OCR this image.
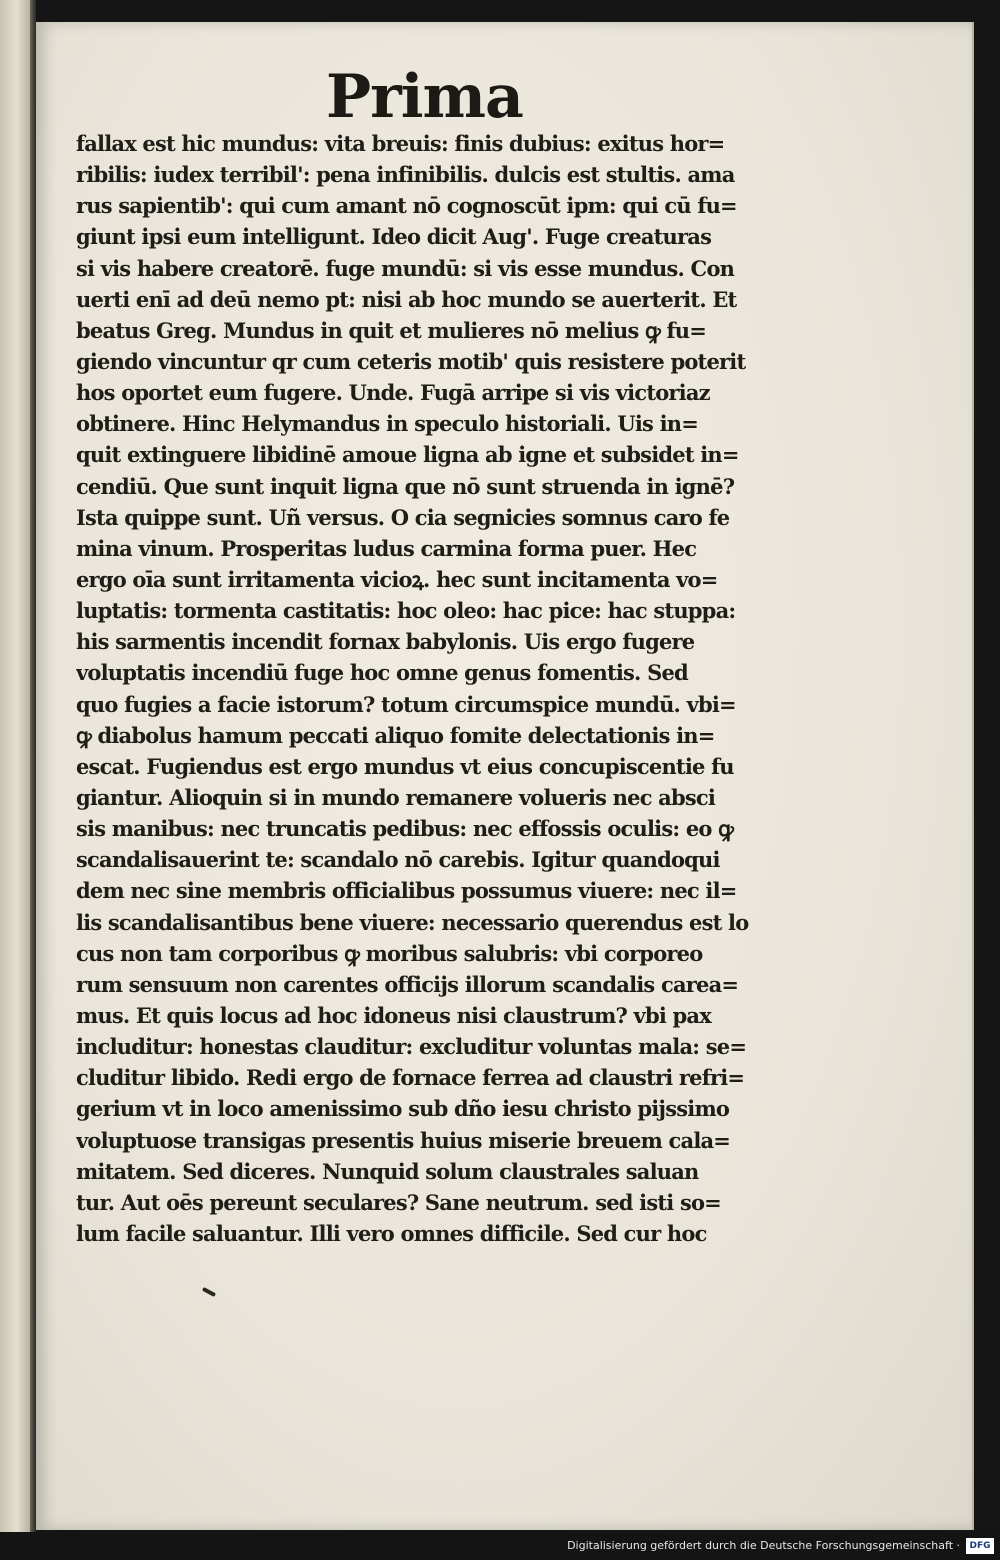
Prima
fallax est hic mundus: vita breuis: finis dubius: exitus hor=
ribilis: iudex terribil': pena infinibilis. dulcis est stultis. ama
rus sapientib': qui cum amant nō cognoscūt ipm: qui cū fu=
giunt ipsi eum intelligunt. Ideo dicit Aug'. Fuge creaturas
si vis habere creatorē. fuge mundū: si vis esse mundus. Con
uerti enī ad deū nemo pt: nisi ab hoc mundo se auerterit. Et
beatus Greg. Mundus in quit et mulieres nō melius ꝙ fu=
giendo vincuntur qr cum ceteris motib' quis resistere poterit
hos oportet eum fugere. Unde. Fugā arripe si vis victoriaz
obtinere. Hinc Helymandus in speculo historiali. Uis in=
quit extinguere libidinē amoue ligna ab igne et subsidet in=
cendiū. Que sunt inquit ligna que nō sunt struenda in ignē?
Ista quippe sunt. Uñ versus. O cia segnicies somnus caro fe
mina vinum. Prosperitas ludus carmina forma puer. Hec
ergo oīa sunt irritamenta vicioꝝ. hec sunt incitamenta vo=
luptatis: tormenta castitatis: hoc oleo: hac pice: hac stuppa:
his sarmentis incendit fornax babylonis. Uis ergo fugere
voluptatis incendiū fuge hoc omne genus fomentis. Sed
quo fugies a facie istorum? totum circumspice mundū. vbi=
ꝙ diabolus hamum peccati aliquo fomite delectationis in=
escat. Fugiendus est ergo mundus vt eius concupiscentie fu
giantur. Alioquin si in mundo remanere volueris nec absci
sis manibus: nec truncatis pedibus: nec effossis oculis: eo ꝙ
scandalisauerint te: scandalo nō carebis. Igitur quandoqui
dem nec sine membris officialibus possumus viuere: nec il=
lis scandalisantibus bene viuere: necessario querendus est lo
cus non tam corporibus ꝙ moribus salubris: vbi corporeo
rum sensuum non carentes officijs illorum scandalis carea=
mus. Et quis locus ad hoc idoneus nisi claustrum? vbi pax
includitur: honestas clauditur: excluditur voluntas mala: se=
cluditur libido. Redi ergo de fornace ferrea ad claustri refri=
gerium vt in loco amenissimo sub dño iesu christo pijssimo
voluptuose transigas presentis huius miserie breuem cala=
mitatem. Sed diceres. Nunquid solum claustrales saluan
tur. Aut oēs pereunt seculares? Sane neutrum. sed isti so=
lum facile saluantur. Illi vero omnes difficile. Sed cur hoc
Digitalisierung gefördert durch die Deutsche Forschungsgemeinschaft ·	DFG
